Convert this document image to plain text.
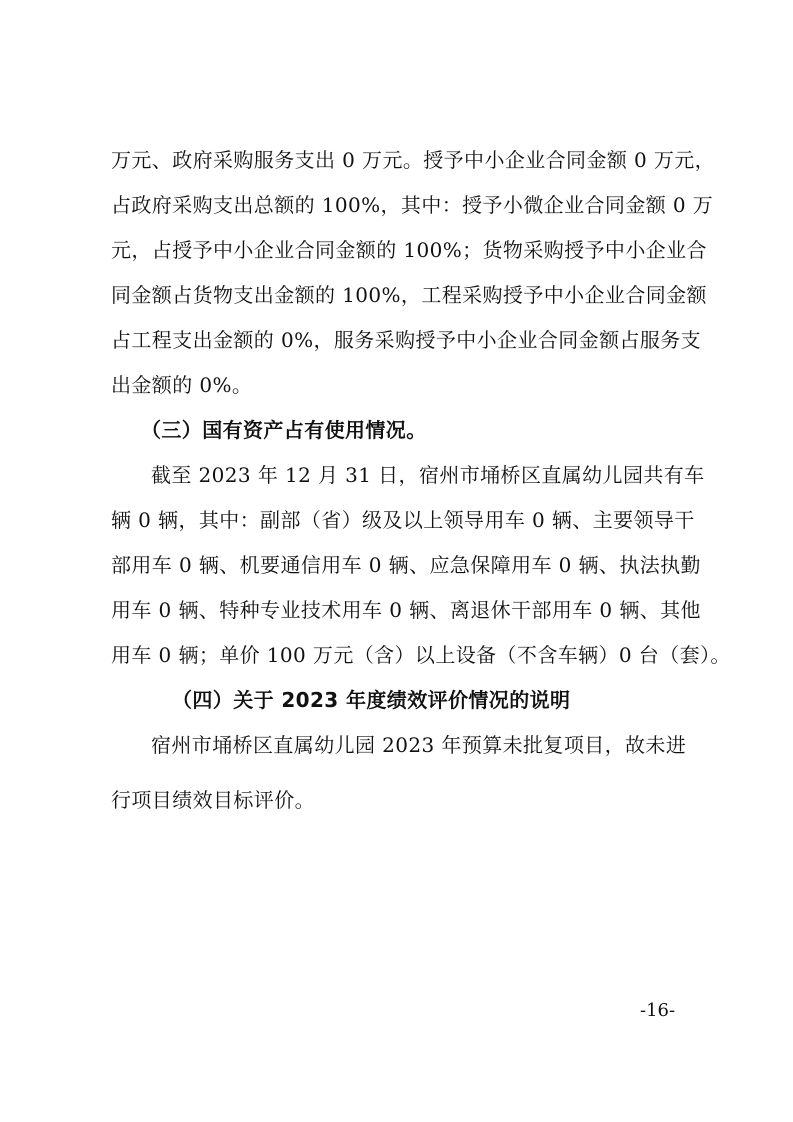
万元、政府采购服务支出 0 万元。授予中小企业合同金额 0 万元，
占政府采购支出总额的 100%，其中：授予小微企业合同金额 0 万
元，占授予中小企业合同金额的 100%；货物采购授予中小企业合
同金额占货物支出金额的 100%，工程采购授予中小企业合同金额
占工程支出金额的 0%，服务采购授予中小企业合同金额占服务支
出金额的 0%。
（三）国有资产占有使用情况。
截至 2023 年 12 月 31 日，宿州市埇桥区直属幼儿园共有车
辆 0 辆，其中：副部（省）级及以上领导用车 0 辆、主要领导干
部用车 0 辆、机要通信用车 0 辆、应急保障用车 0 辆、执法执勤
用车 0 辆、特种专业技术用车 0 辆、离退休干部用车 0 辆、其他
用车 0 辆；单价 100 万元（含）以上设备（不含车辆）0 台（套）。
（四）关于 2023 年度绩效评价情况的说明
宿州市埇桥区直属幼儿园 2023 年预算未批复项目，故未进
行项目绩效目标评价。
-16-
